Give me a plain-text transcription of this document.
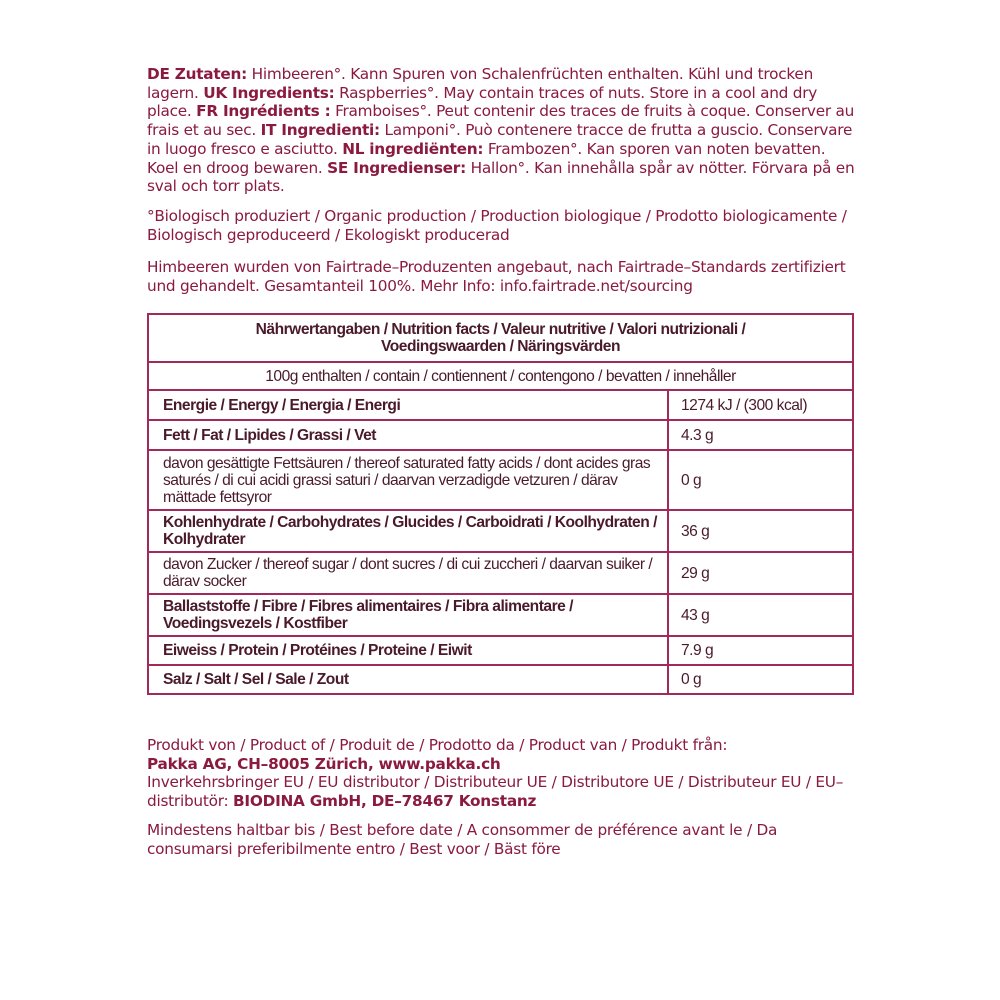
DE Zutaten: Himbeeren°. Kann Spuren von Schalenfrüchten enthalten. Kühl und trocken lagern. UK Ingredients: Raspberries°. May contain traces of nuts. Store in a cool and dry place. FR Ingrédients : Framboises°. Peut contenir des traces de fruits à coque. Conserver au frais et au sec. IT Ingredienti: Lamponi°. Può contenere tracce de frutta a guscio. Conservare in luogo fresco e asciutto. NL ingrediënten: Frambozen°. Kan sporen van noten bevatten. Koel en droog bewaren. SE Ingredienser: Hallon°. Kan innehålla spår av nötter. Förvara på en sval och torr plats.
°Biologisch produziert / Organic production / Production biologique / Prodotto biologicamente / Biologisch geproduceerd / Ekologiskt producerad
Himbeeren wurden von Fairtrade–Produzenten angebaut, nach Fairtrade–Standards zertifiziert und gehandelt. Gesamtanteil 100%. Mehr Info: info.fairtrade.net/sourcing
Nährwertangaben / Nutrition facts / Valeur nutritive / Valori nutrizionali /
Voedingswaarden / Näringsvärden	
100g enthalten / contain / contiennent / contengono / bevatten / innehåller	
Energie / Energy / Energia / Energi	1274 kJ / (300 kcal)
Fett / Fat / Lipides / Grassi / Vet	4.3 g
davon gesättigte Fettsäuren / thereof saturated fatty acids / dont acides gras saturés / di cui acidi grassi saturi / daarvan verzadigde vetzuren / därav mättade fettsyror	0 g
Kohlenhydrate / Carbohydrates / Glucides / Carboidrati / Koolhydraten / Kolhydrater	36 g
davon Zucker / thereof sugar / dont sucres / di cui zuccheri / daarvan suiker / därav socker	29 g
Ballaststoffe / Fibre / Fibres alimentaires / Fibra alimentare / Voedingsvezels / Kostfiber	43 g
Eiweiss / Protein / Protéines / Proteine / Eiwit	7.9 g
Salz / Salt / Sel / Sale / Zout	0 g
Produkt von / Product of / Produit de / Prodotto da / Product van / Produkt från:
Pakka AG, CH–8005 Zürich, www.pakka.ch
Inverkehrsbringer EU / EU distributor / Distributeur UE / Distributore UE / Distributeur EU / EU–distributör: BIODINA GmbH, DE–78467 Konstanz
Mindestens haltbar bis / Best before date / A consommer de préférence avant le / Da consumarsi preferibilmente entro / Best voor / Bäst före
